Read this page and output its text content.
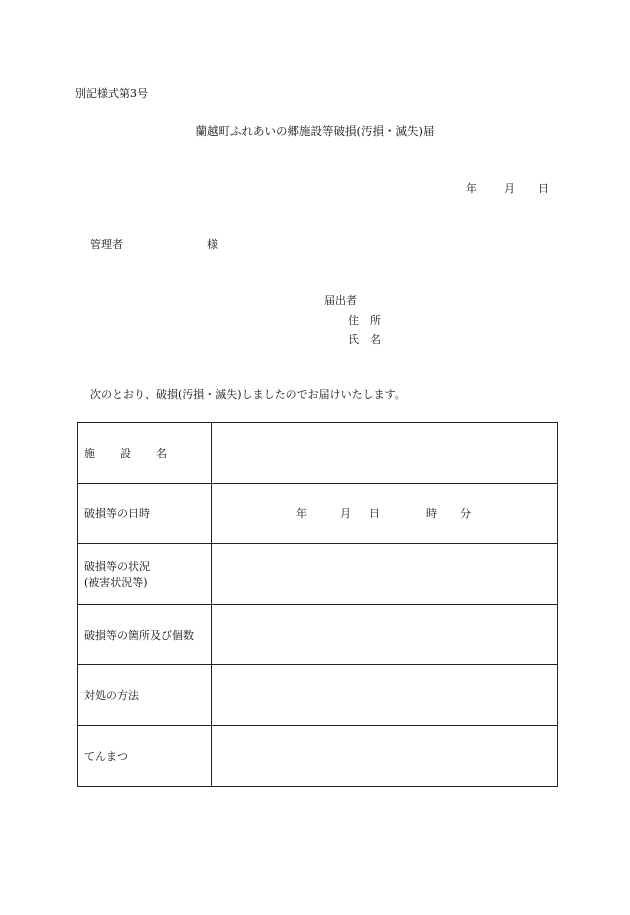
別記様式第3号
蘭越町ふれあいの郷施設等破損(汚損・滅失)届
年 月 日
管理者	様
届出者
住 所
氏 名
次のとおり、破損(汚損・滅失)しましたのでお届けいたします。
施 設 名	
破損等の日時	年 月 日 時 分

破損等の状況
(被害状況等)	

破損等の箇所及び個数	
対処の方法	
てんまつ	
